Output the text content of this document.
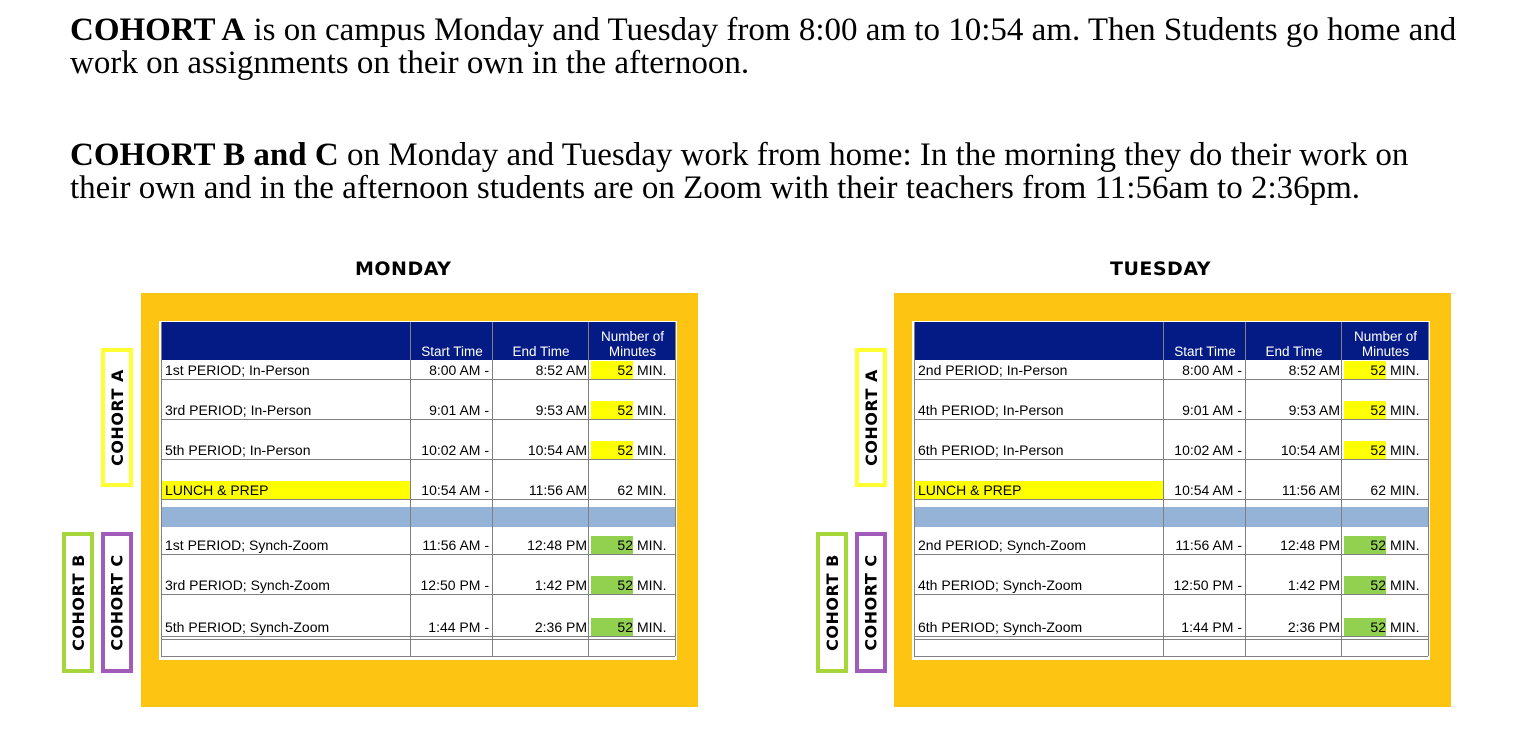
COHORT A is on campus Monday and Tuesday from 8:00 am to 10:54 am. Then Students go home and work on assignments on their own in the afternoon.
COHORT B and C on Monday and Tuesday work from home: In the morning they do their work on their own and in the afternoon students are on Zoom with their teachers from 11:56am to 2:36pm.
MONDAY
COHORT A
COHORT B COHORT C
Start Time	End Time
Number of
Minutes
1st PERIOD; In-Person	8:00 AM -	8:52 AM	52 MIN.
3rd PERIOD; In-Person	9:01 AM -	9:53 AM	52 MIN.
5th PERIOD; In-Person	10:02 AM -	10:54 AM	52 MIN.
LUNCH & PREP	10:54 AM -	11:56 AM	62 MIN.
1st PERIOD; Synch-Zoom	11:56 AM -	12:48 PM	52 MIN.
3rd PERIOD; Synch-Zoom	12:50 PM -	1:42 PM	52 MIN.
5th PERIOD; Synch-Zoom	1:44 PM -	2:36 PM	52 MIN.
TUESDAY
COHORT A
COHORT B COHORT C
Start Time	End Time
Number of
Minutes
2nd PERIOD; In-Person	8:00 AM -	8:52 AM	52 MIN.
4th PERIOD; In-Person	9:01 AM -	9:53 AM	52 MIN.
6th PERIOD; In-Person	10:02 AM -	10:54 AM	52 MIN.
LUNCH & PREP	10:54 AM -	11:56 AM	62 MIN.
2nd PERIOD; Synch-Zoom	11:56 AM -	12:48 PM	52 MIN.
4th PERIOD; Synch-Zoom	12:50 PM -	1:42 PM	52 MIN.
6th PERIOD; Synch-Zoom	1:44 PM -	2:36 PM	52 MIN.
